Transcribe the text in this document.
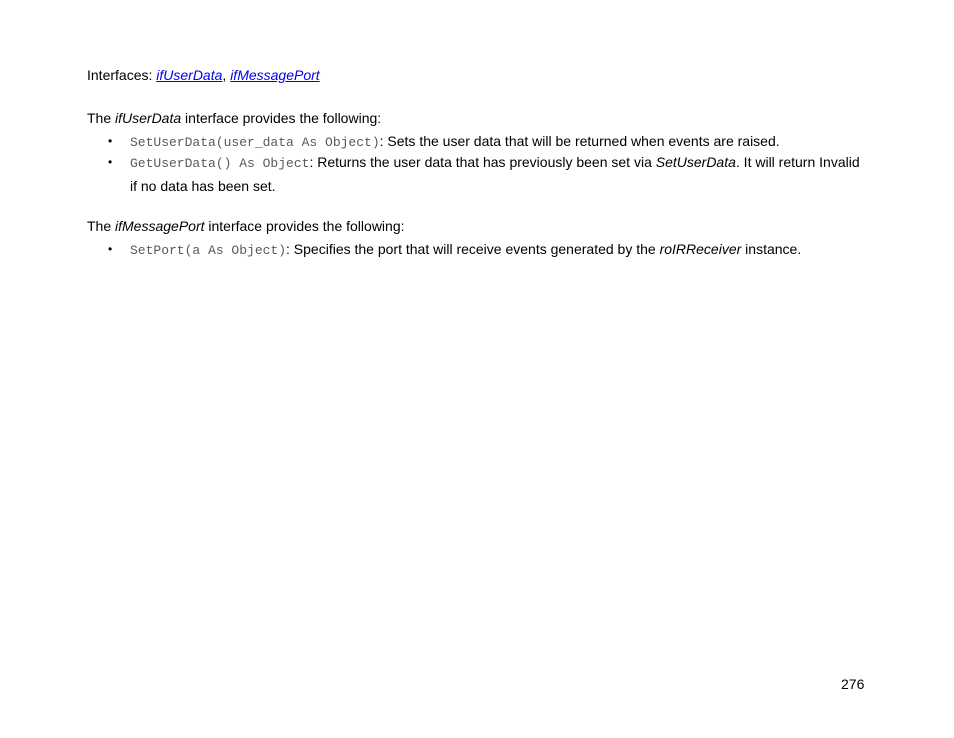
Interfaces: ifUserData, ifMessagePort
The ifUserData interface provides the following:
• SetUserData(user_data As Object): Sets the user data that will be returned when events are raised.
• GetUserData() As Object: Returns the user data that has previously been set via SetUserData. It will return Invalid if no data has been set.
The ifMessagePort interface provides the following:
• SetPort(a As Object): Specifies the port that will receive events generated by the roIRReceiver instance.
276
